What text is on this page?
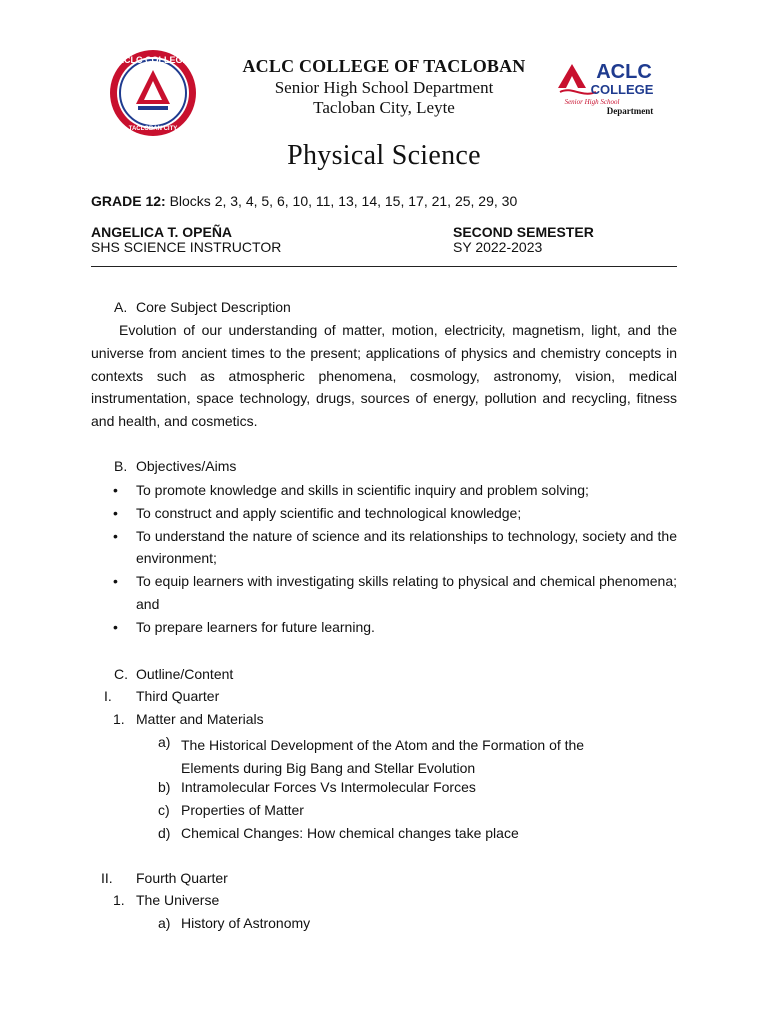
ACLC COLLEGE
TACLOBAN CITY
ACLC
COLLEGE
Senior High School
Department
ACLC COLLEGE OF TACLOBAN
Senior High School Department
Tacloban City, Leyte
Physical Science
GRADE 12: Blocks 2, 3, 4, 5, 6, 10, 11, 13, 14, 15, 17, 21, 25, 29, 30
ANGELICA T. OPEÑA
SHS SCIENCE INSTRUCTOR
SECOND SEMESTER
SY 2022-2023
A. Core Subject Description

Evolution of our understanding of matter, motion, electricity, magnetism, light, and the universe from ancient times to the present; applications of physics and chemistry concepts in contexts such as atmospheric phenomena, cosmology, astronomy, vision, medical instrumentation, space technology, drugs, sources of energy, pollution and recycling, fitness and health, and cosmetics.

B. Objectives/Aims
• To promote knowledge and skills in scientific inquiry and problem solving;
• To construct and apply scientific and technological knowledge;
• To understand the nature of science and its relationships to technology, society and the environment;
• To equip learners with investigating skills relating to physical and chemical phenomena; and
• To prepare learners for future learning.
C. Outline/Content
I. Third Quarter
1. Matter and Materials
a) The Historical Development of the Atom and the Formation of the Elements during Big Bang and Stellar Evolution
b) Intramolecular Forces Vs Intermolecular Forces
c) Properties of Matter
d) Chemical Changes: How chemical changes take place
II. Fourth Quarter
1. The Universe
a) History of Astronomy
